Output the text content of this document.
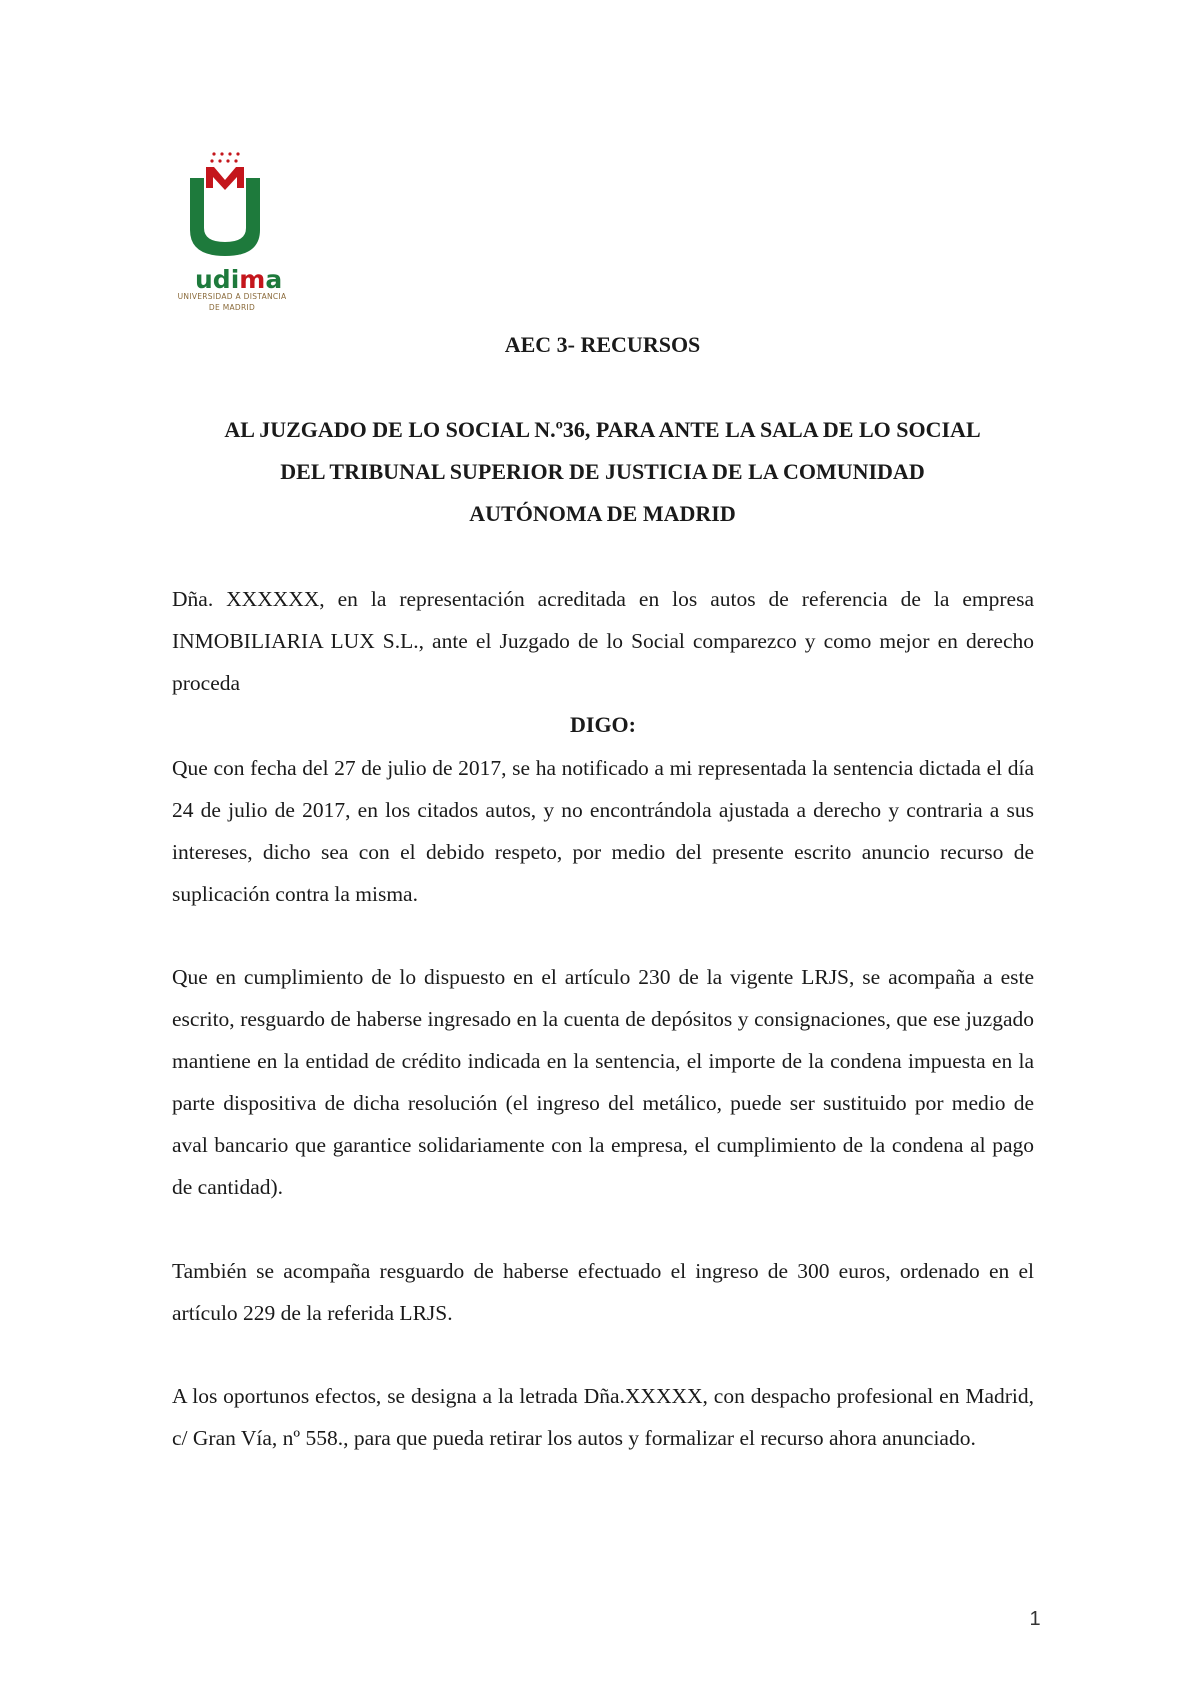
udima
UNIVERSIDAD A DISTANCIA
DE MADRID
AEC 3- RECURSOS
AL JUZGADO DE LO SOCIAL N.º36, PARA ANTE LA SALA DE LO SOCIAL
DEL TRIBUNAL SUPERIOR DE JUSTICIA DE LA COMUNIDAD
AUTÓNOMA DE MADRID
Dña. XXXXXX, en la representación acreditada en los autos de referencia de la empresa INMOBILIARIA LUX S.L., ante el Juzgado de lo Social comparezco y como mejor en derecho proceda
DIGO:
Que con fecha del 27 de julio de 2017, se ha notificado a mi representada la sentencia dictada el día 24 de julio de 2017, en los citados autos, y no encontrándola ajustada a derecho y contraria a sus intereses, dicho sea con el debido respeto, por medio del presente escrito anuncio recurso de suplicación contra la misma.
Que en cumplimiento de lo dispuesto en el artículo 230 de la vigente LRJS, se acompaña a este escrito, resguardo de haberse ingresado en la cuenta de depósitos y consignaciones, que ese juzgado mantiene en la entidad de crédito indicada en la sentencia, el importe de la condena impuesta en la parte dispositiva de dicha resolución (el ingreso del metálico, puede ser sustituido por medio de aval bancario que garantice solidariamente con la empresa, el cumplimiento de la condena al pago de cantidad).
También se acompaña resguardo de haberse efectuado el ingreso de 300 euros, ordenado en el artículo 229 de la referida LRJS.
A los oportunos efectos, se designa a la letrada Dña.XXXXX, con despacho profesional en Madrid, c/ Gran Vía, nº 558., para que pueda retirar los autos y formalizar el recurso ahora anunciado.
1
